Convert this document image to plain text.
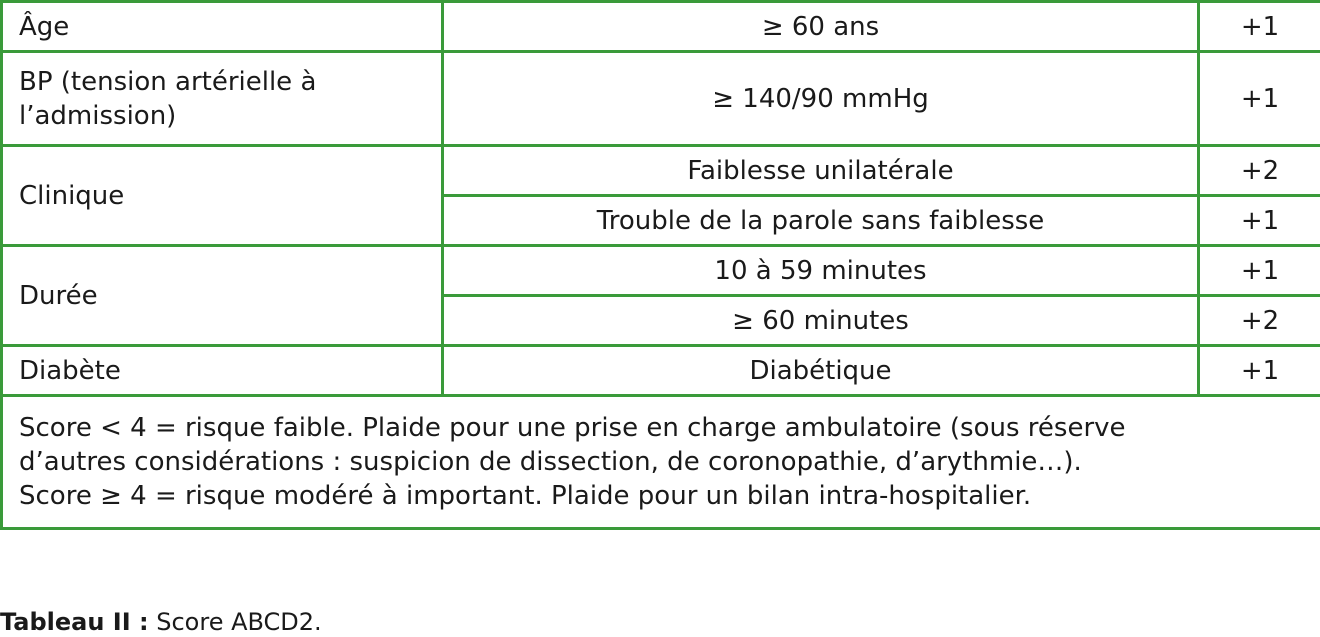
Âge	≥ 60 ans	+1
BP (tension artérielle à l’admission)	≥ 140/90 mmHg	+1
Clinique	Faiblesse unilatérale	+2
	Trouble de la parole sans faiblesse	+1
Durée	10 à 59 minutes	+1
	≥ 60 minutes	+2
Diabète	Diabétique	+1

Score < 4 = risque faible. Plaide pour une prise en charge ambulatoire (sous réserve
d’autres considérations : suspicion de dissection, de coronopathie, d’arythmie…).
Score ≥ 4 = risque modéré à important. Plaide pour un bilan intra-hospitalier.		
Tableau II : Score ABCD2.
